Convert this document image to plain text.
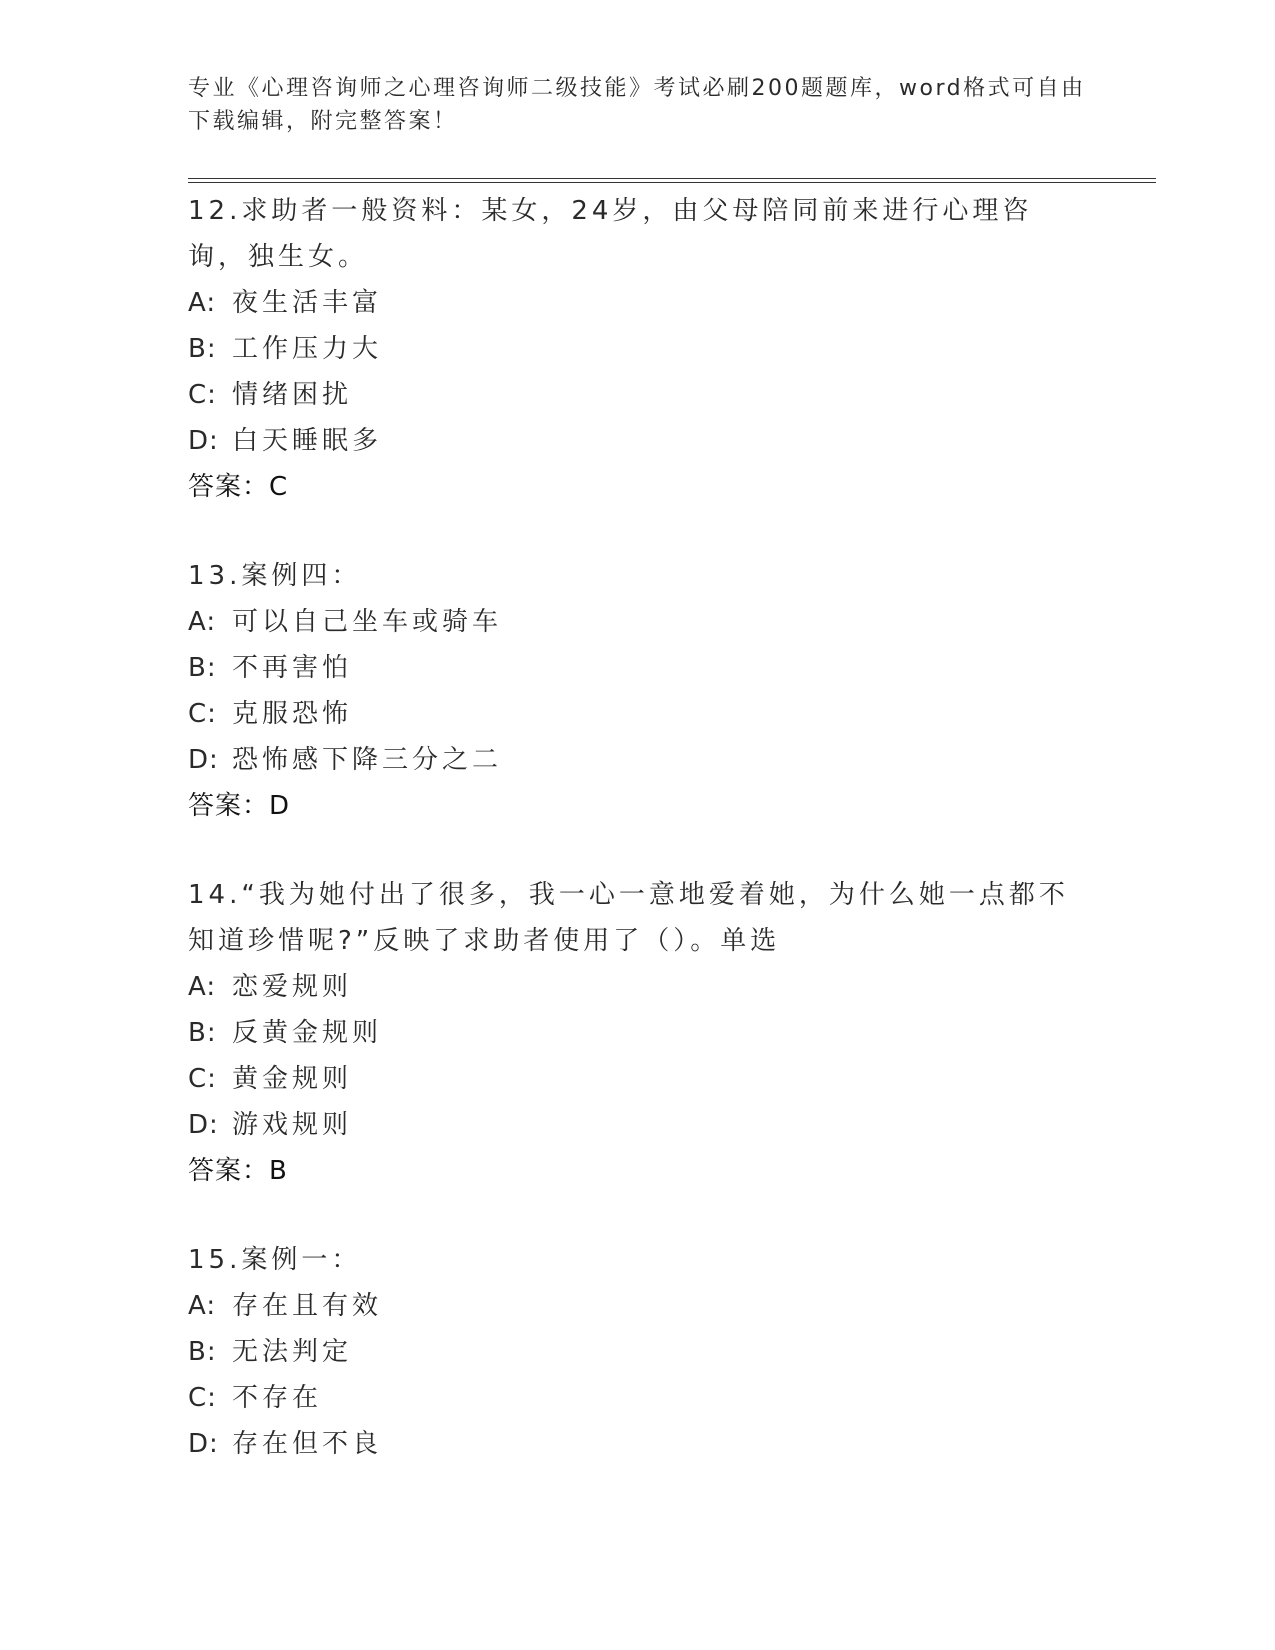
专业《心理咨询师之心理咨询师二级技能》考试必刷200题题库，word格式可自由下载编辑，附完整答案！

12.求助者一般资料：某女，24岁，由父母陪同前来进行心理咨询，独生女。

A: 夜生活丰富
B: 工作压力大
C: 情绪困扰
D: 白天睡眠多
答案：C

13.案例四：

A: 可以自己坐车或骑车
B: 不再害怕
C: 克服恐怖
D: 恐怖感下降三分之二
答案：D

14.“我为她付出了很多，我一心一意地爱着她，为什么她一点都不知道珍惜呢?”反映了求助者使用了（）。单选

A: 恋爱规则
B: 反黄金规则
C: 黄金规则
D: 游戏规则
答案：B

15.案例一：

A: 存在且有效
B: 无法判定
C: 不存在
D: 存在但不良
